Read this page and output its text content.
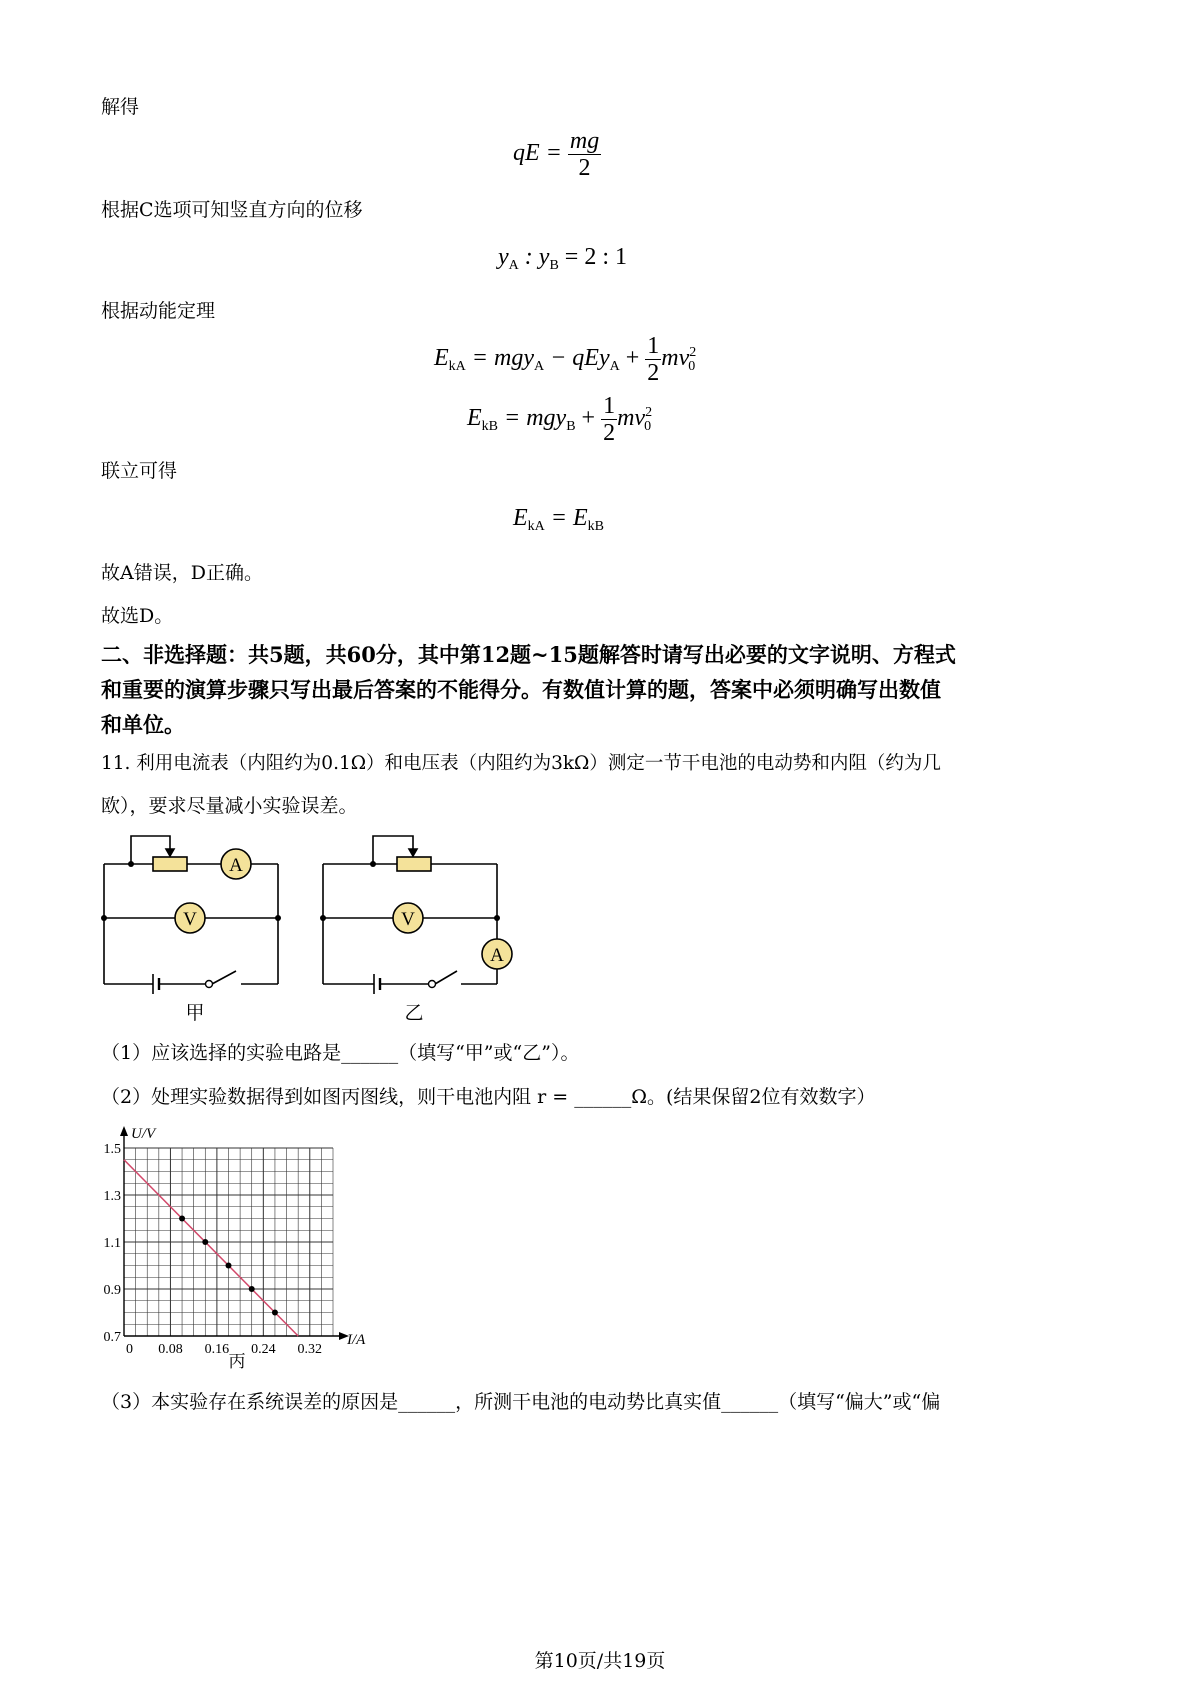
解得
qE = $\frac{mg}{2}$
根据C选项可知竖直方向的位移
$y_A$ : $y_B = 2$ : 1
根据动能定理
$E_{kA} = mgy_A - qEy_A + \frac{1}{2} mv^2_0$
$E_{kB} = mgy_B + \frac{1}{2} mv^2_0$
联立可得
$E_{kA} = E_{kB}$
故A错误，D正确。
故选D。
二、非选择题：共5题，共60分，其中第12题~15题解答时请写出必要的文字说明、方程式
和重要的演算步骤只写出最后答案的不能得分。有数值计算的题，答案中必须明确写出数值
和单位。
11. 利用电流表（内阻约为0.1Ω）和电压表（内阻约为3kΩ）测定一节干电池的电动势和内阻（约为几
欧），要求尽量减小实验误差。
A
V
甲
V
A
乙
（1）应该选择的实验电路是______（填写“甲”或“乙”）。
（2）处理实验数据得到如图丙图线，则干电池内阻 r = ______Ω。(结果保留2位有效数字）
0 0.08 0.16 0.24 0.32
0.7
0.9
1.1
1.3
1.5
U/V
I/A
丙
（3）本实验存在系统误差的原因是______，所测干电池的电动势比真实值______（填写“偏大”或“偏
第10页/共19页
